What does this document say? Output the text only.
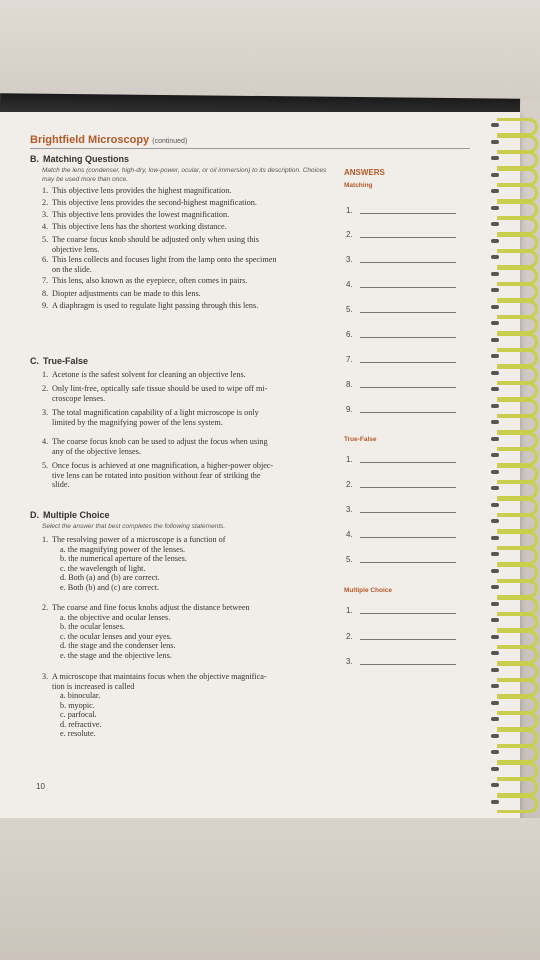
Brightfield Microscopy (continued)
B. Matching Questions
Match the lens (condenser, high-dry, low-power, ocular, or oil immersion) to its description. Choices may be used more than once.
1. This objective lens provides the highest magnification.
2. This objective lens provides the second-highest magnification.
3. This objective lens provides the lowest magnification.
4. This objective lens has the shortest working distance.
5. The coarse focus knob should be adjusted only when using this
objective lens.
6. This lens collects and focuses light from the lamp onto the specimen
on the slide.
7. This lens, also known as the eyepiece, often comes in pairs.
8. Diopter adjustments can be made to this lens.
9. A diaphragm is used to regulate light passing through this lens.
C. True-False
1. Acetone is the safest solvent for cleaning an objective lens.
2. Only lint-free, optically safe tissue should be used to wipe off mi-
croscope lenses.
3. The total magnification capability of a light microscope is only
limited by the magnifying power of the lens system.
4. The coarse focus knob can be used to adjust the focus when using
any of the objective lenses.
5. Once focus is achieved at one magnification, a higher-power objec-
tive lens can be rotated into position without fear of striking the
slide.
D. Multiple Choice
Select the answer that best completes the following statements.
1. The resolving power of a microscope is a function of
a. the magnifying power of the lenses.
b. the numerical aperture of the lenses.
c. the wavelength of light.
d. Both (a) and (b) are correct.
e. Both (b) and (c) are correct.
2. The coarse and fine focus knobs adjust the distance between
a. the objective and ocular lenses.
b. the ocular lenses.
c. the ocular lenses and your eyes.
d. the stage and the condenser lens.
e. the stage and the objective lens.
3. A microscope that maintains focus when the objective magnifica-
tion is increased is called
a. binocular.
b. myopic.
c. parfocal.
d. refractive.
e. resolute.
ANSWERS
Matching
True-False
Multiple Choice
1.
2.
3.
4.
5.
6.
7.
8.
9.
1.
2.
3.
4.
5.
1.
2.
3.
10
